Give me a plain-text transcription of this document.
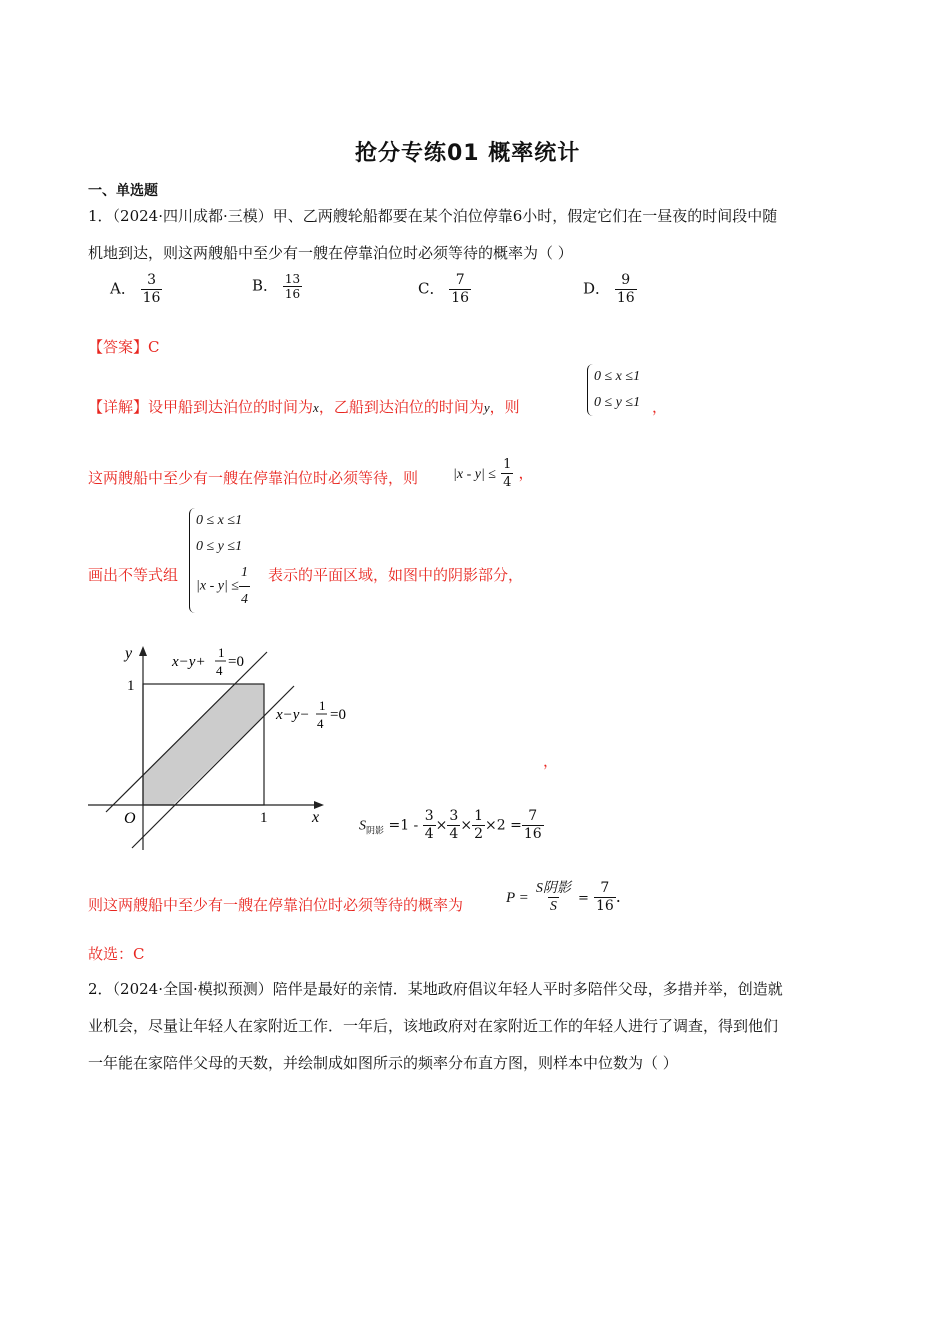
抢分专练01 概率统计
一、单选题
1．（2024·四川成都·三模）甲、乙两艘轮船都要在某个泊位停靠6小时，假定它们在一昼夜的时间段中随
机地到达，则这两艘船中至少有一艘在停靠泊位时必须等待的概率为（ ）
A． $\frac{3}{16}$	B． $\frac{13}{16}$	C． $\frac{7}{16}$	D． $\frac{9}{16}$
【答案】C
【详解】设甲船到达泊位的时间为x，乙船到达泊位的时间为y，则
0 ≤ x ≤1
0 ≤ y ≤1 ，
这两艘船中至少有一艘在停靠泊位时必须等待，则 $|x - y| \le \frac{1}{4}$ ，
画出不等式组
0 ≤ x ≤1
0 ≤ y ≤1
$|x - y| \le \frac{1}{4}$ 表示的平面区域，如图中的阴影部分，
y
x
O	1
1
x−y+
1
4
=0
x−y−
1
4
=0
，
$S_{阴影} =1 - \frac{3}{4} \times \frac{3}{4} \times \frac{1}{2} \times 2 = \frac{7}{16}$
则这两艘船中至少有一艘在停靠泊位时必须等待的概率为	$P = \frac{\text{S阴影}}{S} = \frac{7}{16}$ .
故选：C
2．（2024·全国·模拟预测）陪伴是最好的亲情．某地政府倡议年轻人平时多陪伴父母，多措并举，创造就
业机会，尽量让年轻人在家附近工作．一年后，该地政府对在家附近工作的年轻人进行了调查，得到他们
一年能在家陪伴父母的天数，并绘制成如图所示的频率分布直方图，则样本中位数为（ ）
